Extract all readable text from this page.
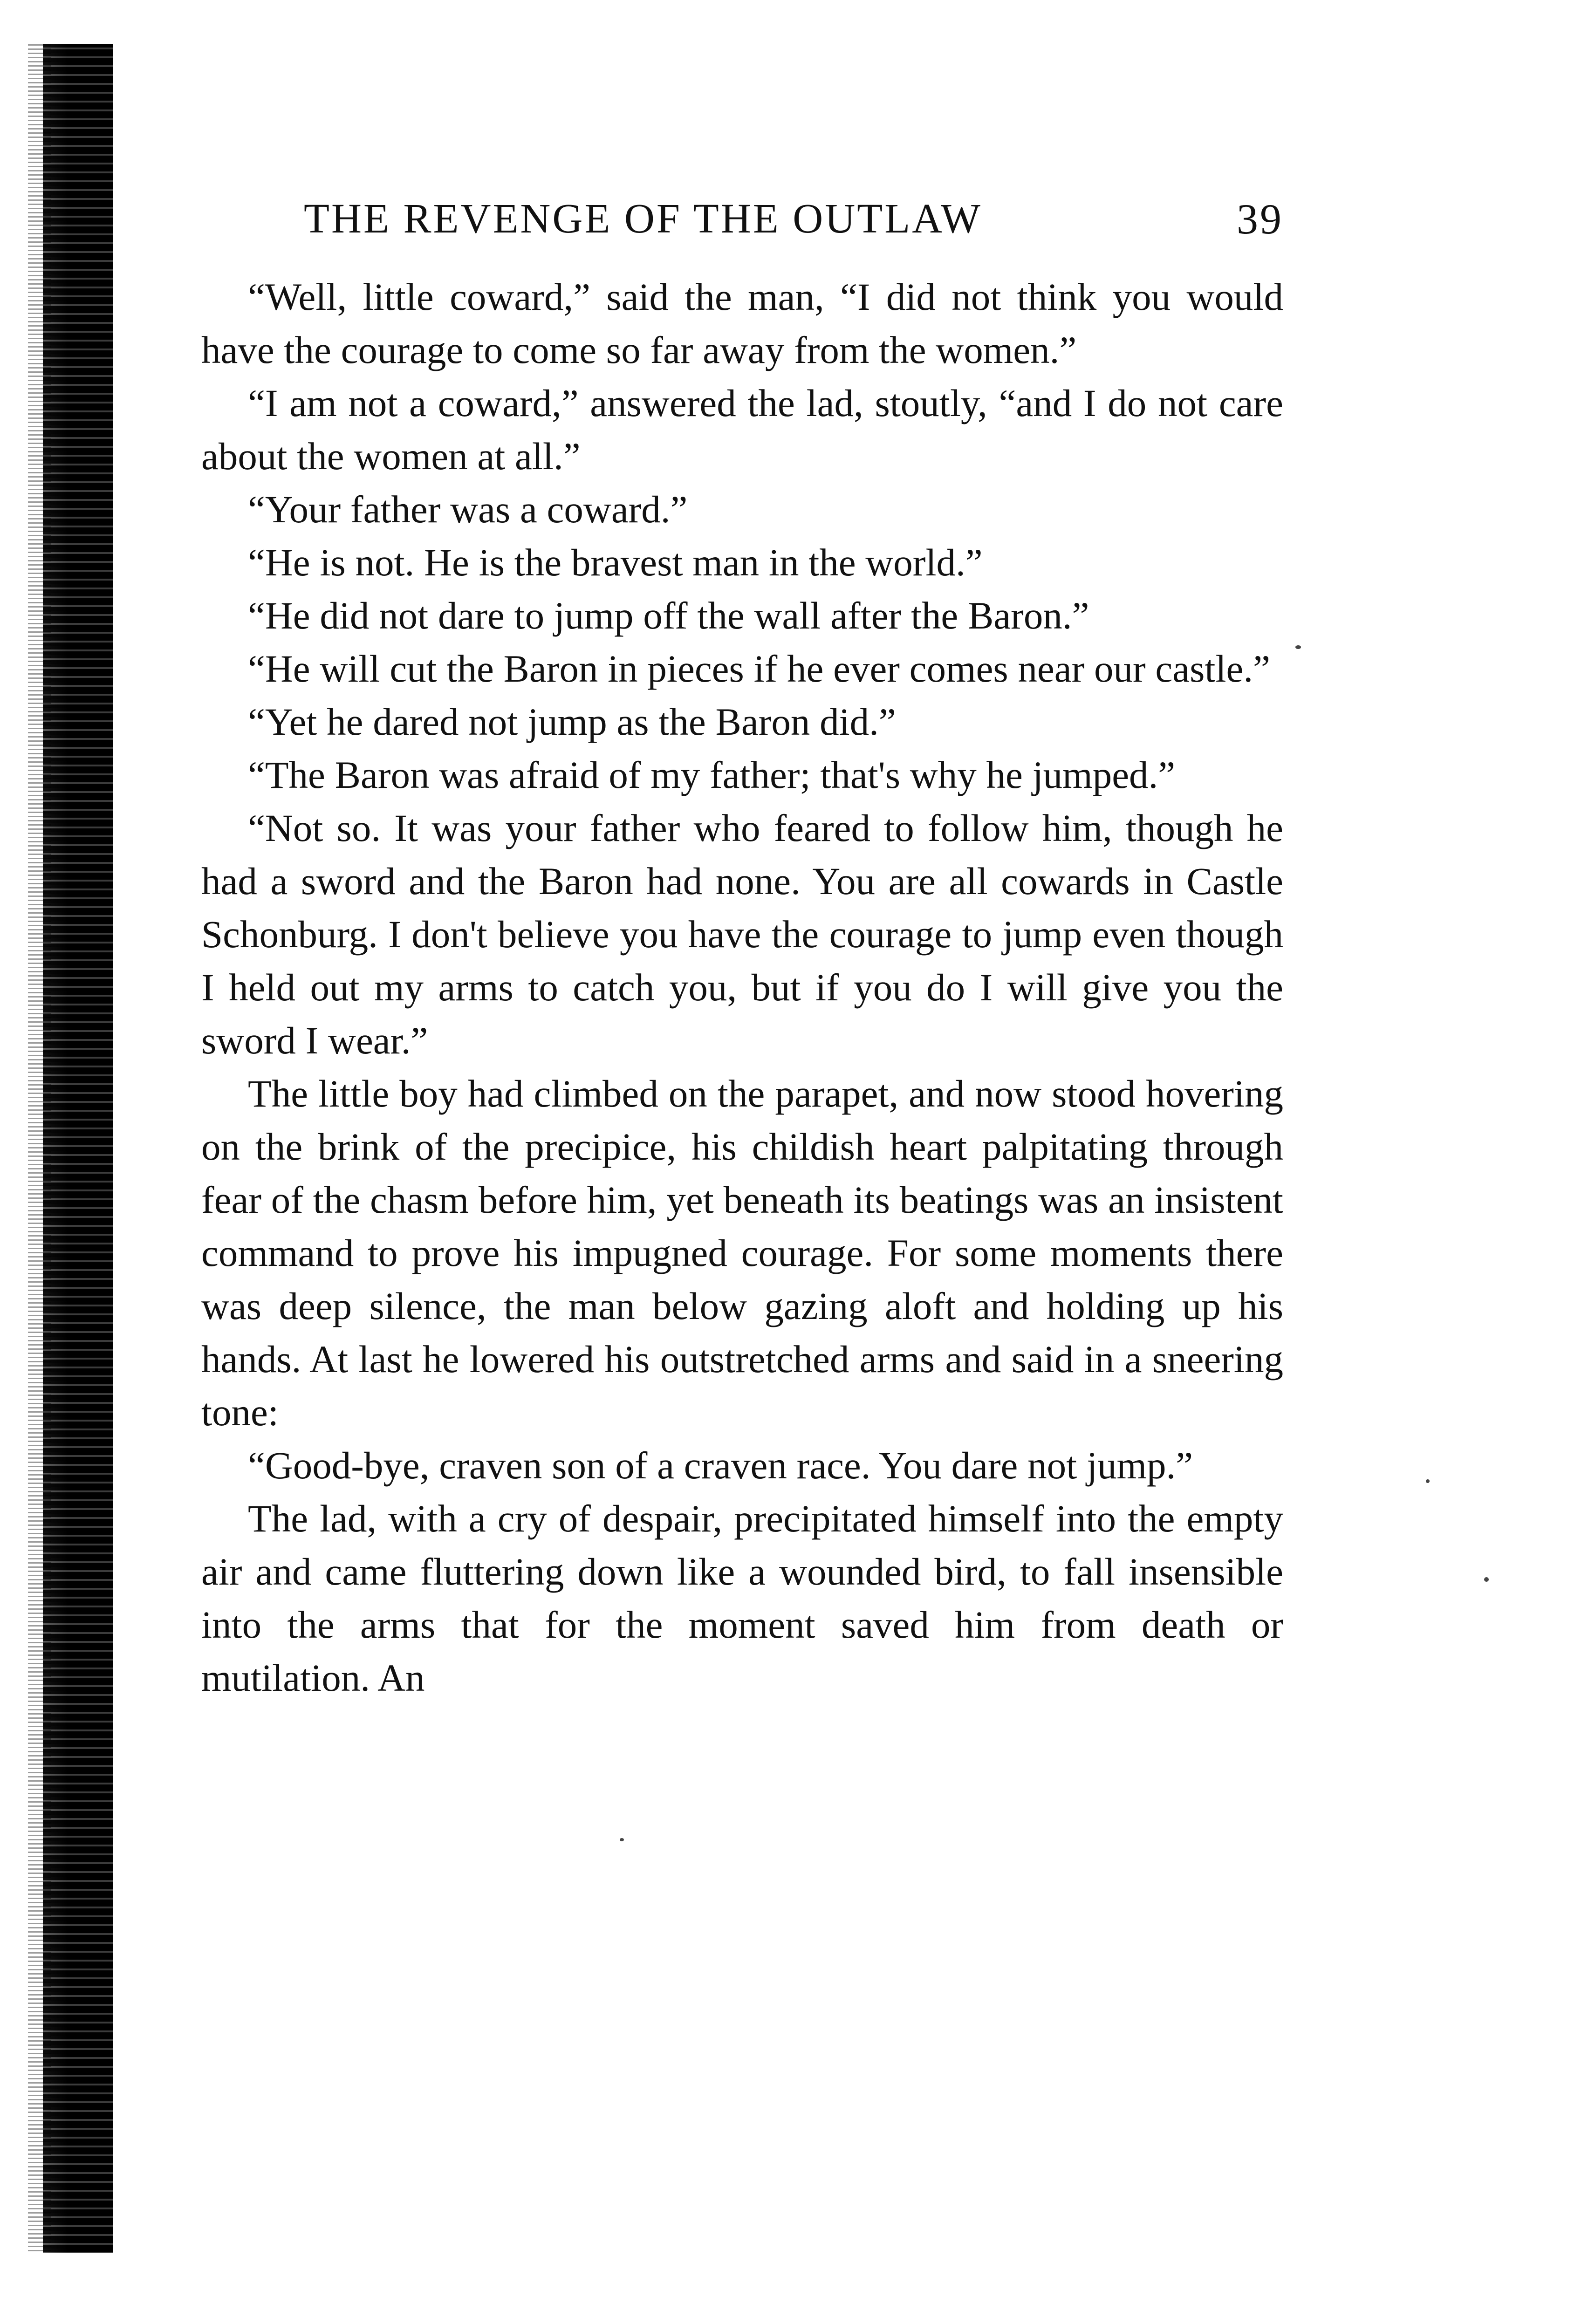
THE REVENGE OF THE OUTLAW	39

“Well, little coward,” said the man, “I did not think you would have the courage to come so far away from the women.”

“I am not a coward,” answered the lad, stoutly, “and I do not care about the women at all.”

“Your father was a coward.”

“He is not. He is the bravest man in the world.”

“He did not dare to jump off the wall after the Baron.”

“He will cut the Baron in pieces if he ever comes near our castle.”

“Yet he dared not jump as the Baron did.”

“The Baron was afraid of my father; that's why he jumped.”

“Not so. It was your father who feared to follow him, though he had a sword and the Baron had none. You are all cowards in Castle Schonburg. I don't believe you have the courage to jump even though I held out my arms to catch you, but if you do I will give you the sword I wear.”

The little boy had climbed on the parapet, and now stood hovering on the brink of the precipice, his childish heart palpitating through fear of the chasm before him, yet beneath its beatings was an insistent command to prove his impugned courage. For some moments there was deep silence, the man below gazing aloft and holding up his hands. At last he lowered his outstretched arms and said in a sneering tone:

“Good-bye, craven son of a craven race. You dare not jump.”

The lad, with a cry of despair, precipitated himself into the empty air and came fluttering down like a wounded bird, to fall insensible into the arms that for the moment saved him from death or mutilation. An
